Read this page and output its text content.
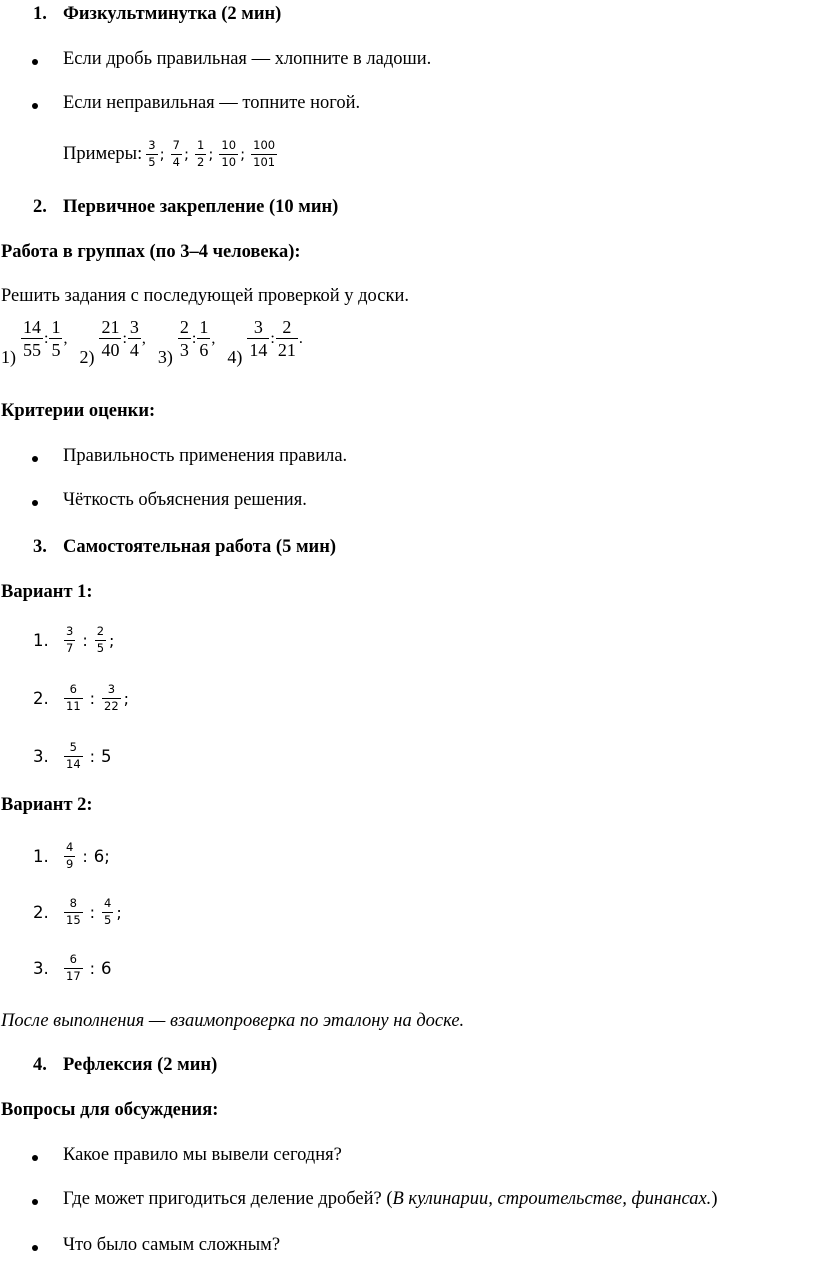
1. Физкультминутка (2 мин)
Если дробь правильная — хлопните в ладоши.
Если неправильная — топните ногой.
Примеры: $\frac{3}{5}$ ; $\frac{7}{4}$ ; $\frac{1}{2}$ ; $\frac{10}{10}$ ; $\frac{100}{101}$
2. Первичное закрепление (10 мин)
Работа в группах (по 3–4 человека):
Решить задания с последующей проверкой у доски.
$1) \frac{14}{55}$ : $\frac{1}{5}$ ,
$2) \frac{21}{40}$ : $\frac{3}{4}$ ,
$3) \frac{2}{3}$ : $\frac{1}{6}$ ,
$4) \frac{3}{14}$ : $\frac{2}{21}$ .
Критерии оценки:
Правильность применения правила.
Чёткость объяснения решения.
3. Самостоятельная работа (5 мин)
Вариант 1:
1.	$\frac{3}{7}$ : $\frac{2}{5}$ ;
2.	$\frac{6}{11}$ : $\frac{3}{22}$ ;
3.	$\frac{5}{14}$ : 5
Вариант 2:
1.	$\frac{4}{9}$ : 6;
2.	$\frac{8}{15}$ : $\frac{4}{5}$ ;
3.	$\frac{6}{17}$ : 6
После выполнения — взаимопроверка по эталону на доске.
4. Рефлексия (2 мин)
Вопросы для обсуждения:
Какое правило мы вывели сегодня?
Где может пригодиться деление дробей? (В кулинарии, строительстве, финансах.)
Что было самым сложным?
